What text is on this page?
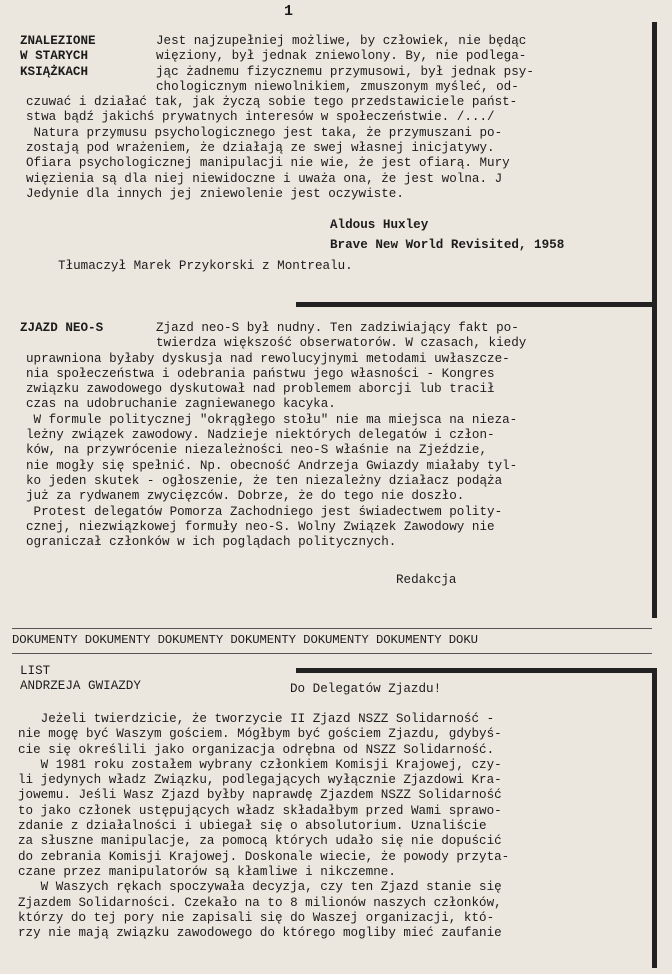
1
ZNALEZIONE
W STARYCH
KSIĄŻKACH
Jest najzupełniej możliwe, by człowiek, nie będąc
więziony, był jednak zniewolony. By, nie podlega-
jąc żadnemu fizycznemu przymusowi, był jednak psy-
chologicznym niewolnikiem, zmuszonym myśleć, od-
czuwać i działać tak, jak życzą sobie tego przedstawiciele państ-
stwa bądź jakichś prywatnych interesów w społeczeństwie. /.../
Natura przymusu psychologicznego jest taka, że przymuszani po-
zostają pod wrażeniem, że działają ze swej własnej inicjatywy.
Ofiara psychologicznej manipulacji nie wie, że jest ofiarą. Mury
więzienia są dla niej niewidoczne i uważa ona, że jest wolna. J
Jedynie dla innych jej zniewolenie jest oczywiste.
Aldous Huxley
Brave New World Revisited, 1958
Tłumaczył Marek Przykorski z Montrealu.
ZJAZD NEO-S	Zjazd neo-S był nudny. Ten zadziwiający fakt po-
twierdza większość obserwatorów. W czasach, kiedy
uprawniona byłaby dyskusja nad rewolucyjnymi metodami uwłaszcze-
nia społeczeństwa i odebrania państwu jego własności - Kongres
związku zawodowego dyskutował nad problemem aborcji lub tracił
czas na udobruchanie zagniewanego kacyka.
W formule politycznej "okrągłego stołu" nie ma miejsca na nieza-
leżny związek zawodowy. Nadzieje niektórych delegatów i człon-
ków, na przywrócenie niezależności neo-S właśnie na Zjeździe,
nie mogły się spełnić. Np. obecność Andrzeja Gwiazdy miałaby tyl-
ko jeden skutek - ogłoszenie, że ten niezależny działacz podąża
już za rydwanem zwycięzców. Dobrze, że do tego nie doszło.
Protest delegatów Pomorza Zachodniego jest świadectwem polity-
cznej, niezwiązkowej formuły neo-S. Wolny Związek Zawodowy nie
ograniczał członków w ich poglądach politycznych.
Redakcja
DOKUMENTY DOKUMENTY DOKUMENTY DOKUMENTY DOKUMENTY DOKUMENTY DOKU
LIST
ANDRZEJA GWIAZDY	Do Delegatów Zjazdu!
Jeżeli twierdzicie, że tworzycie II Zjazd NSZZ Solidarność -
nie mogę być Waszym gościem. Mógłbym być gościem Zjazdu, gdybyś-
cie się określili jako organizacja odrębna od NSZZ Solidarność.
W 1981 roku zostałem wybrany członkiem Komisji Krajowej, czy-
li jedynych władz Związku, podlegających wyłącznie Zjazdowi Kra-
jowemu. Jeśli Wasz Zjazd byłby naprawdę Zjazdem NSZZ Solidarność
to jako członek ustępujących władz składałbym przed Wami sprawo-
zdanie z działalności i ubiegał się o absolutorium. Uznaliście
za słuszne manipulacje, za pomocą których udało się nie dopuścić
do zebrania Komisji Krajowej. Doskonale wiecie, że powody przyta-
czane przez manipulatorów są kłamliwe i nikczemne.
W Waszych rękach spoczywała decyzja, czy ten Zjazd stanie się
Zjazdem Solidarności. Czekało na to 8 milionów naszych członków,
którzy do tej pory nie zapisali się do Waszej organizacji, któ-
rzy nie mają związku zawodowego do którego mogliby mieć zaufanie
